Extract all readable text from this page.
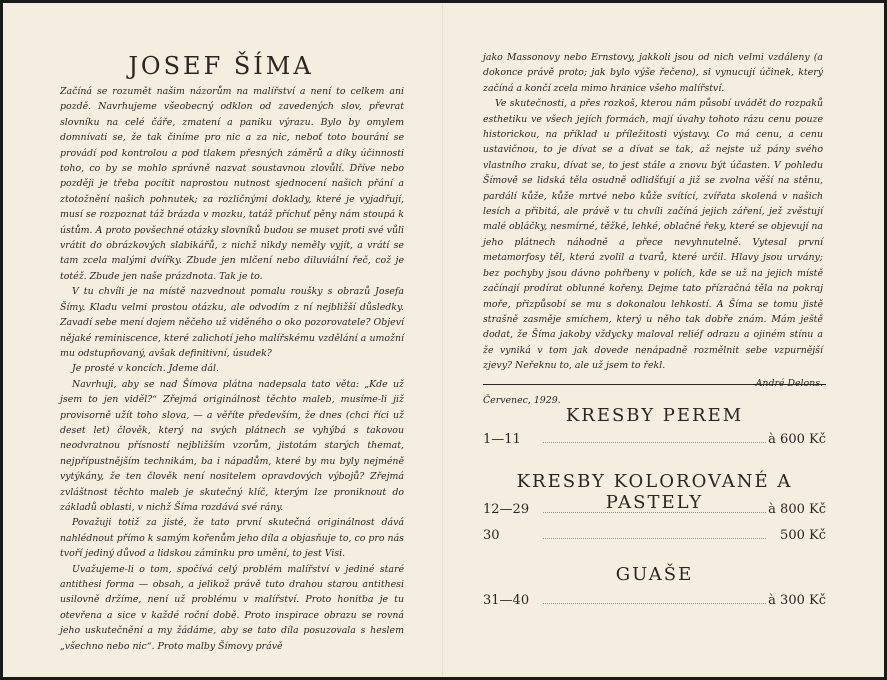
JOSEF ŠÍMA

Začíná se rozumět našim názorům na malířství a není to celkem ani pozdě. Navrhujeme všeobecný odklon od zavedených slov, převrat slovníku na celé čáře, zmatení a paniku výrazu. Bylo by omylem domnívati se, že tak činíme pro nic a za nic, neboť toto bourání se provádí pod kontrolou a pod tlakem přesných záměrů a díky účinnosti toho, co by se mohlo správně nazvat soustavnou zlovůlí. Dříve nebo později je třeba pocítit naprostou nutnost sjednocení našich přání a ztotožnění našich pohnutek; za rozličnými doklady, které je vyjadřují, musí se rozpoznat táž brázda v mozku, tatáž příchuť pěny nám stoupá k ústům. A proto povšechné otázky slovníků budou se muset proti své vůli vrátit do obrázkových slabikářů, z nichž nikdy neměly vyjít, a vrátí se tam zcela malými dvířky. Zbude jen mlčení nebo diluviální řeč, což je totéž. Zbude jen naše prázdnota. Tak je to.

V tu chvíli je na místě nazvednout pomalu roušky s obrazů Josefa Šímy. Kladu velmi prostou otázku, ale odvodím z ní nejbližší důsledky. Zavadí sebe mení dojem něčeho už viděného o oko pozorovatele? Objeví nějaké reminiscence, které zalichotí jeho malířskému vzdělání a umožní mu odstupňovaný, avšak definitivní, úsudek?

Je prosté v koncích. Jdeme dál.

Navrhuji, aby se nad Šímova plátna nadepsala tato věta: „Kde už jsem to jen viděl?“ Zřejmá originálnost těchto maleb, musíme-li již provisorně užít toho slova, — a věříte především, že dnes (chci říci už deset let) člověk, který na svých plátnech se vyhýbá s takovou neodvratnou přísností nejbližším vzorům, jistotám starých themat, nejpřípustnějším technikám, ba i nápadům, které by mu byly nejméně vytýkány, že ten člověk není nositelem opravdových výbojů? Zřejmá zvláštnost těchto maleb je skutečný klíč, kterým lze proniknout do základů oblasti, v nichž Šíma rozdává své rány.

Považuji totiž za jisté, že tato první skutečná originálnost dává nahlédnout přímo k samým kořenům jeho díla a objasňuje to, co pro nás tvoří jediný důvod a lidskou záminku pro umění, to jest Visi.

Uvažujeme-li o tom, spočívá celý problém malířství v jediné staré antithesi forma — obsah, a jelikož právě tuto drahou starou antithesi usilovně držíme, není už problému v malířství. Proto honitba je tu otevřena a sice v každé roční době. Proto inspirace obrazu se rovná jeho uskutečnění a my žádáme, aby se tato díla posuzovala s heslem „všechno nebo nic“. Proto malby Šímovy právě

jako Massonovy nebo Ernstovy, jakkoli jsou od nich velmi vzdáleny (a dokonce právě proto; jak bylo výše řečeno), si vynucují účinek, který začíná a končí zcela mimo hranice všeho malířství.

Ve skutečnosti, a přes rozkoš, kterou nám působí uvádět do rozpaků esthetiku ve všech jejích formách, mají úvahy tohoto rázu cenu pouze historickou, na příklad u příležitosti výstavy. Co má cenu, a cenu ustavičnou, to je dívat se a dívat se tak, až nejste už pány svého vlastního zraku, dívat se, to jest stále a znovu být účasten. V pohledu Šímově se lidská těla osudně odlidšťují a již se zvolna věší na stěnu, pardálí kůže, kůže mrtvé nebo kůže svítící, zvířata skolená v našich lesích a přibitá, ale právě v tu chvíli začíná jejich záření, jež zvěstují malé obláčky, nesmírné, těžké, lehké, oblačné řeky, které se objevují na jeho plátnech náhodně a přece nevyhnutelně. Vytesal první metamorfosy těl, která zvolil a tvarů, které určil. Hlavy jsou urvány; bez pochyby jsou dávno pohřbeny v polích, kde se už na jejich místě začínají prodírat oblunné kořeny. Dejme tato přízračná těla na pokraj moře, přizpůsobí se mu s dokonalou lehkostí. A Šíma se tomu jistě strašně zasměje smíchem, který u něho tak dobře znám. Mám ještě dodat, že Šíma jakoby vždycky maloval reliéf odrazu a ojiném stínu a že vyniká v tom jak dovede nenápadně rozmělnit sebe vzpurnější zjevy? Neřeknu to, ale už jsem to řekl.

André Delons.
Červenec, 1929.
KRESBY PEREM
1—11	à 600 Kč
KRESBY KOLOROVANÉ A PASTELY
12—29	à 800 Kč
30	500 Kč
GUAŠE
31—40	à 300 Kč
